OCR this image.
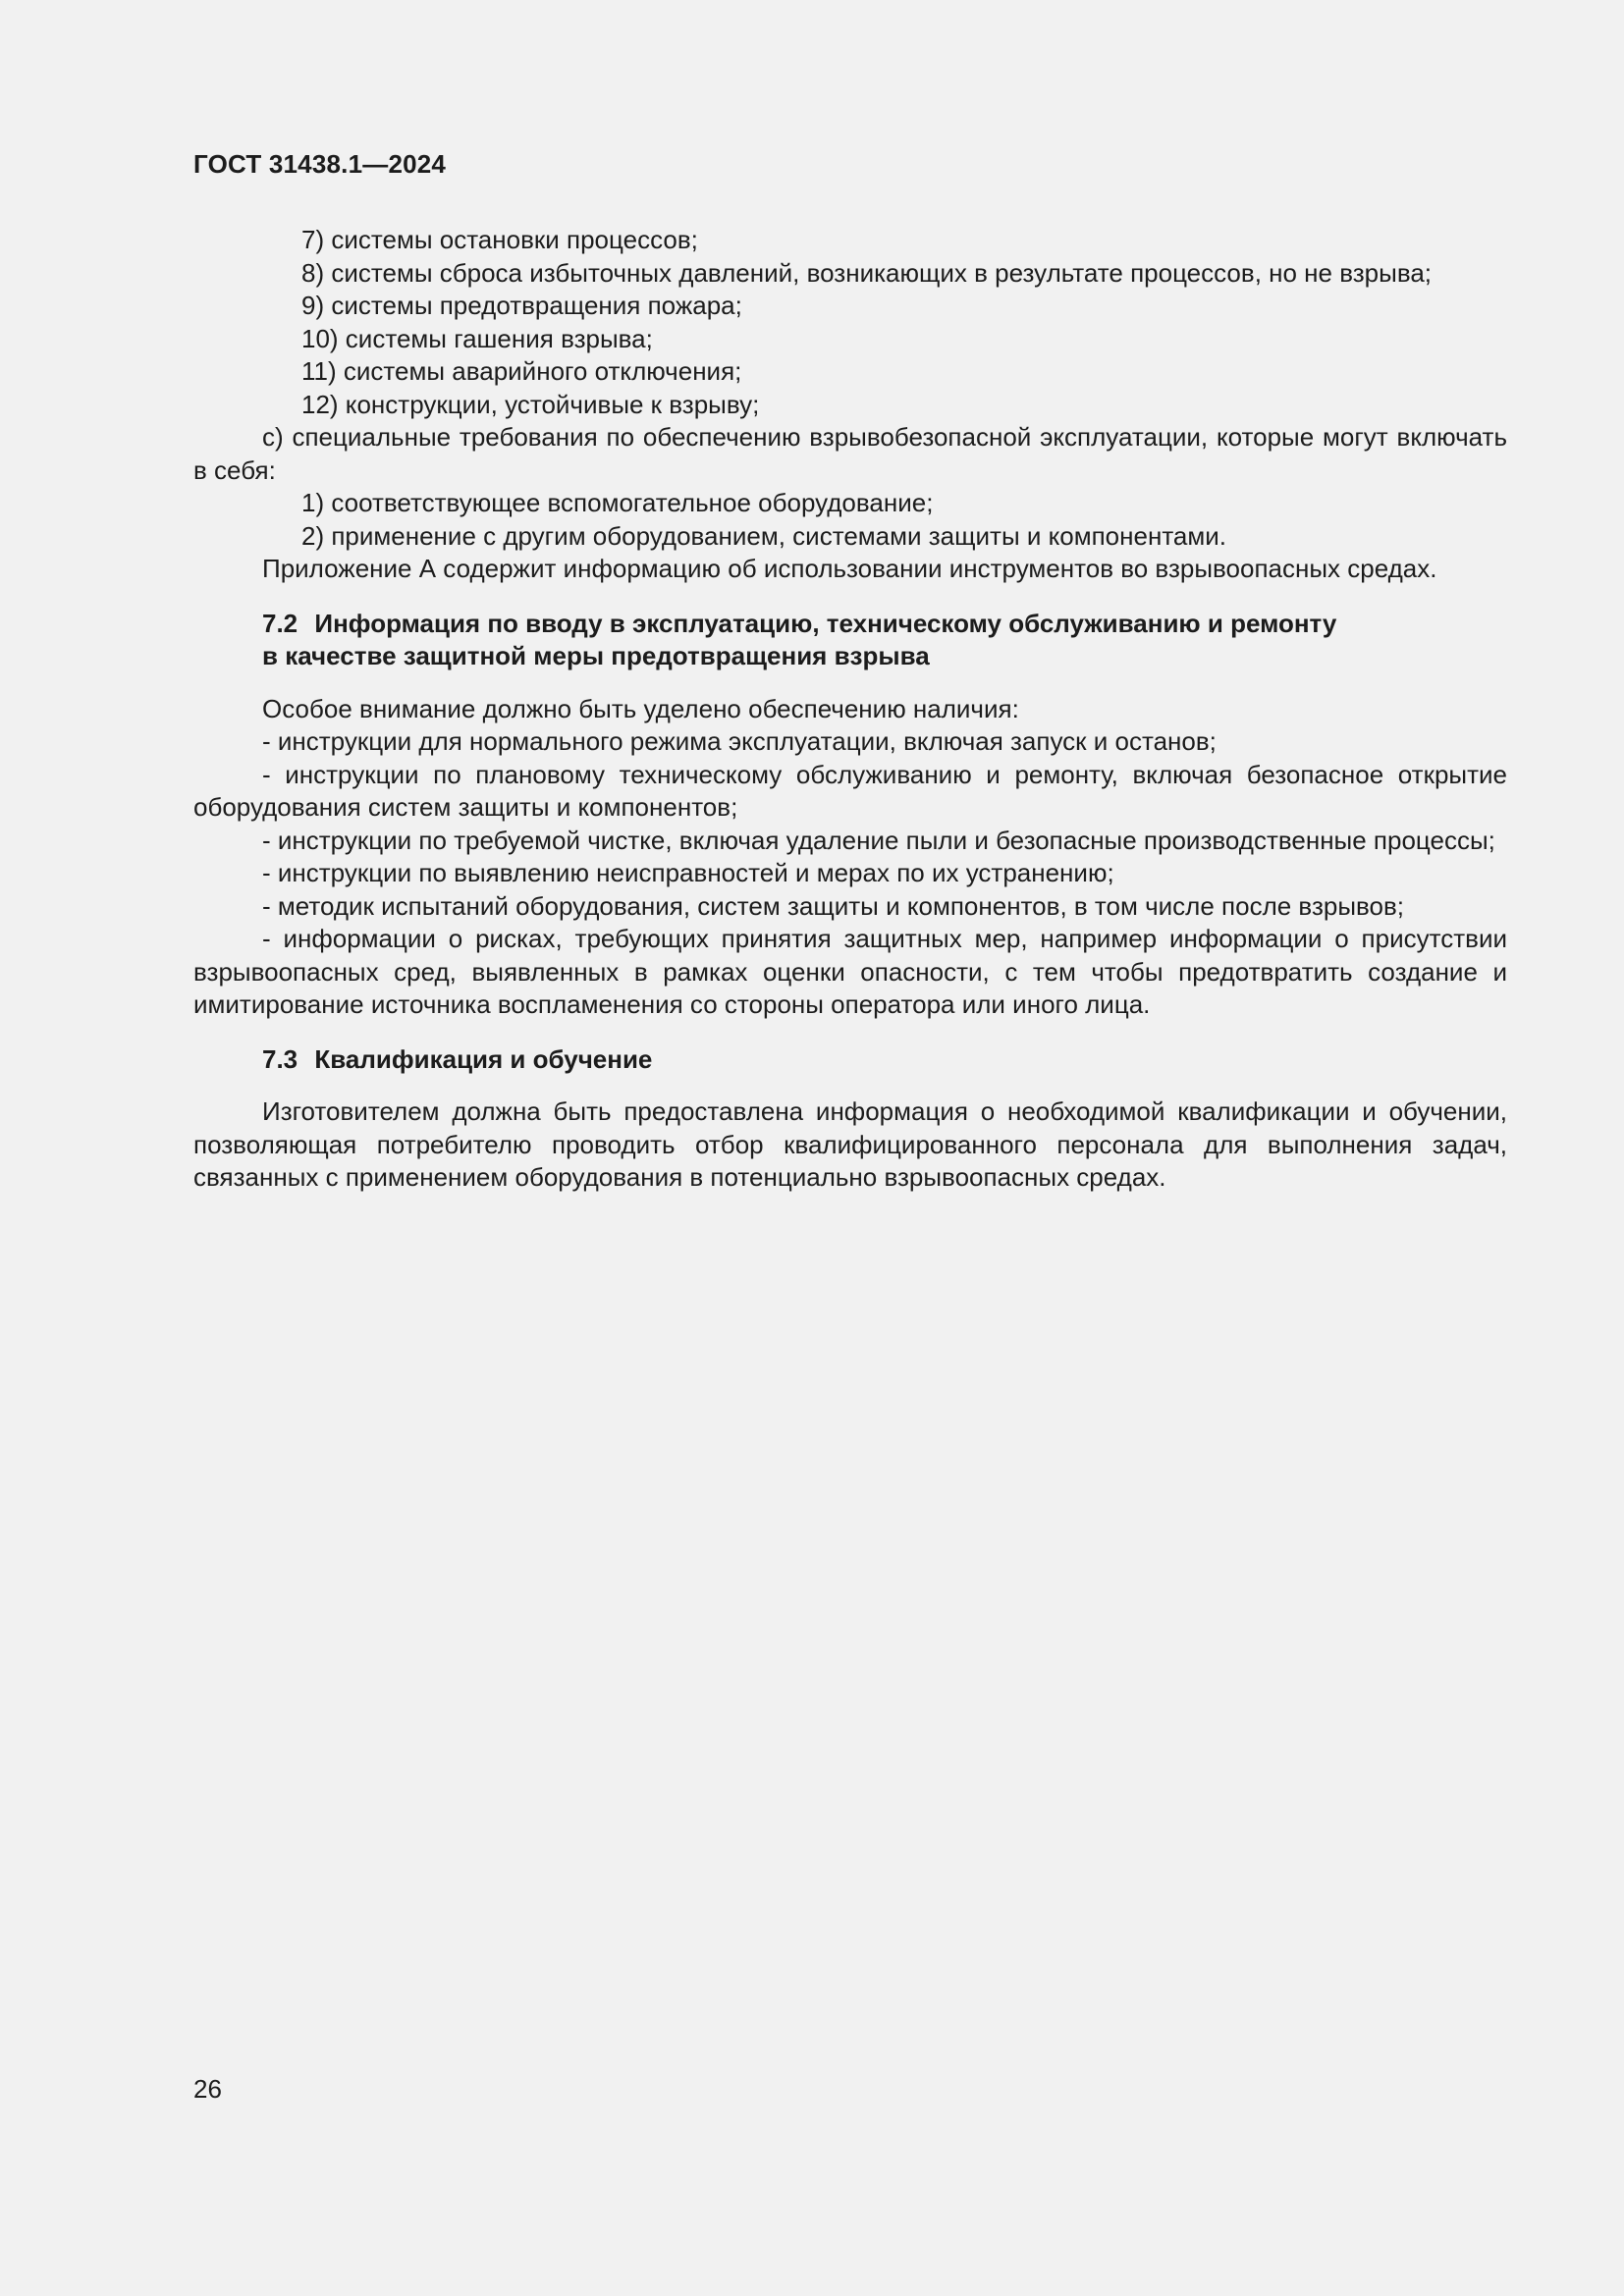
ГОСТ 31438.1—2024

7) системы остановки процессов;

8) системы сброса избыточных давлений, возникающих в результате процессов, но не взрыва;

9) системы предотвращения пожара;

10) системы гашения взрыва;

11) системы аварийного отключения;

12) конструкции, устойчивые к взрыву;

с) специальные требования по обеспечению взрывобезопасной эксплуатации, которые могут включать в себя:

1) соответствующее вспомогательное оборудование;

2) применение с другим оборудованием, системами защиты и компонентами.

Приложение А содержит информацию об использовании инструментов во взрывоопасных средах.

7.2 Информация по вводу в эксплуатацию, техническому обслуживанию и ремонту
в качестве защитной меры предотвращения взрыва

Особое внимание должно быть уделено обеспечению наличия:

- инструкции для нормального режима эксплуатации, включая запуск и останов;

- инструкции по плановому техническому обслуживанию и ремонту, включая безопасное открытие оборудования систем защиты и компонентов;

- инструкции по требуемой чистке, включая удаление пыли и безопасные производственные процессы;

- инструкции по выявлению неисправностей и мерах по их устранению;

- методик испытаний оборудования, систем защиты и компонентов, в том числе после взрывов;

- информации о рисках, требующих принятия защитных мер, например информации о присутствии взрывоопасных сред, выявленных в рамках оценки опасности, с тем чтобы предотвратить создание и имитирование источника воспламенения со стороны оператора или иного лица.

7.3 Квалификация и обучение

Изготовителем должна быть предоставлена информация о необходимой квалификации и обучении, позволяющая потребителю проводить отбор квалифицированного персонала для выполнения задач, связанных с применением оборудования в потенциально взрывоопасных средах.

26
